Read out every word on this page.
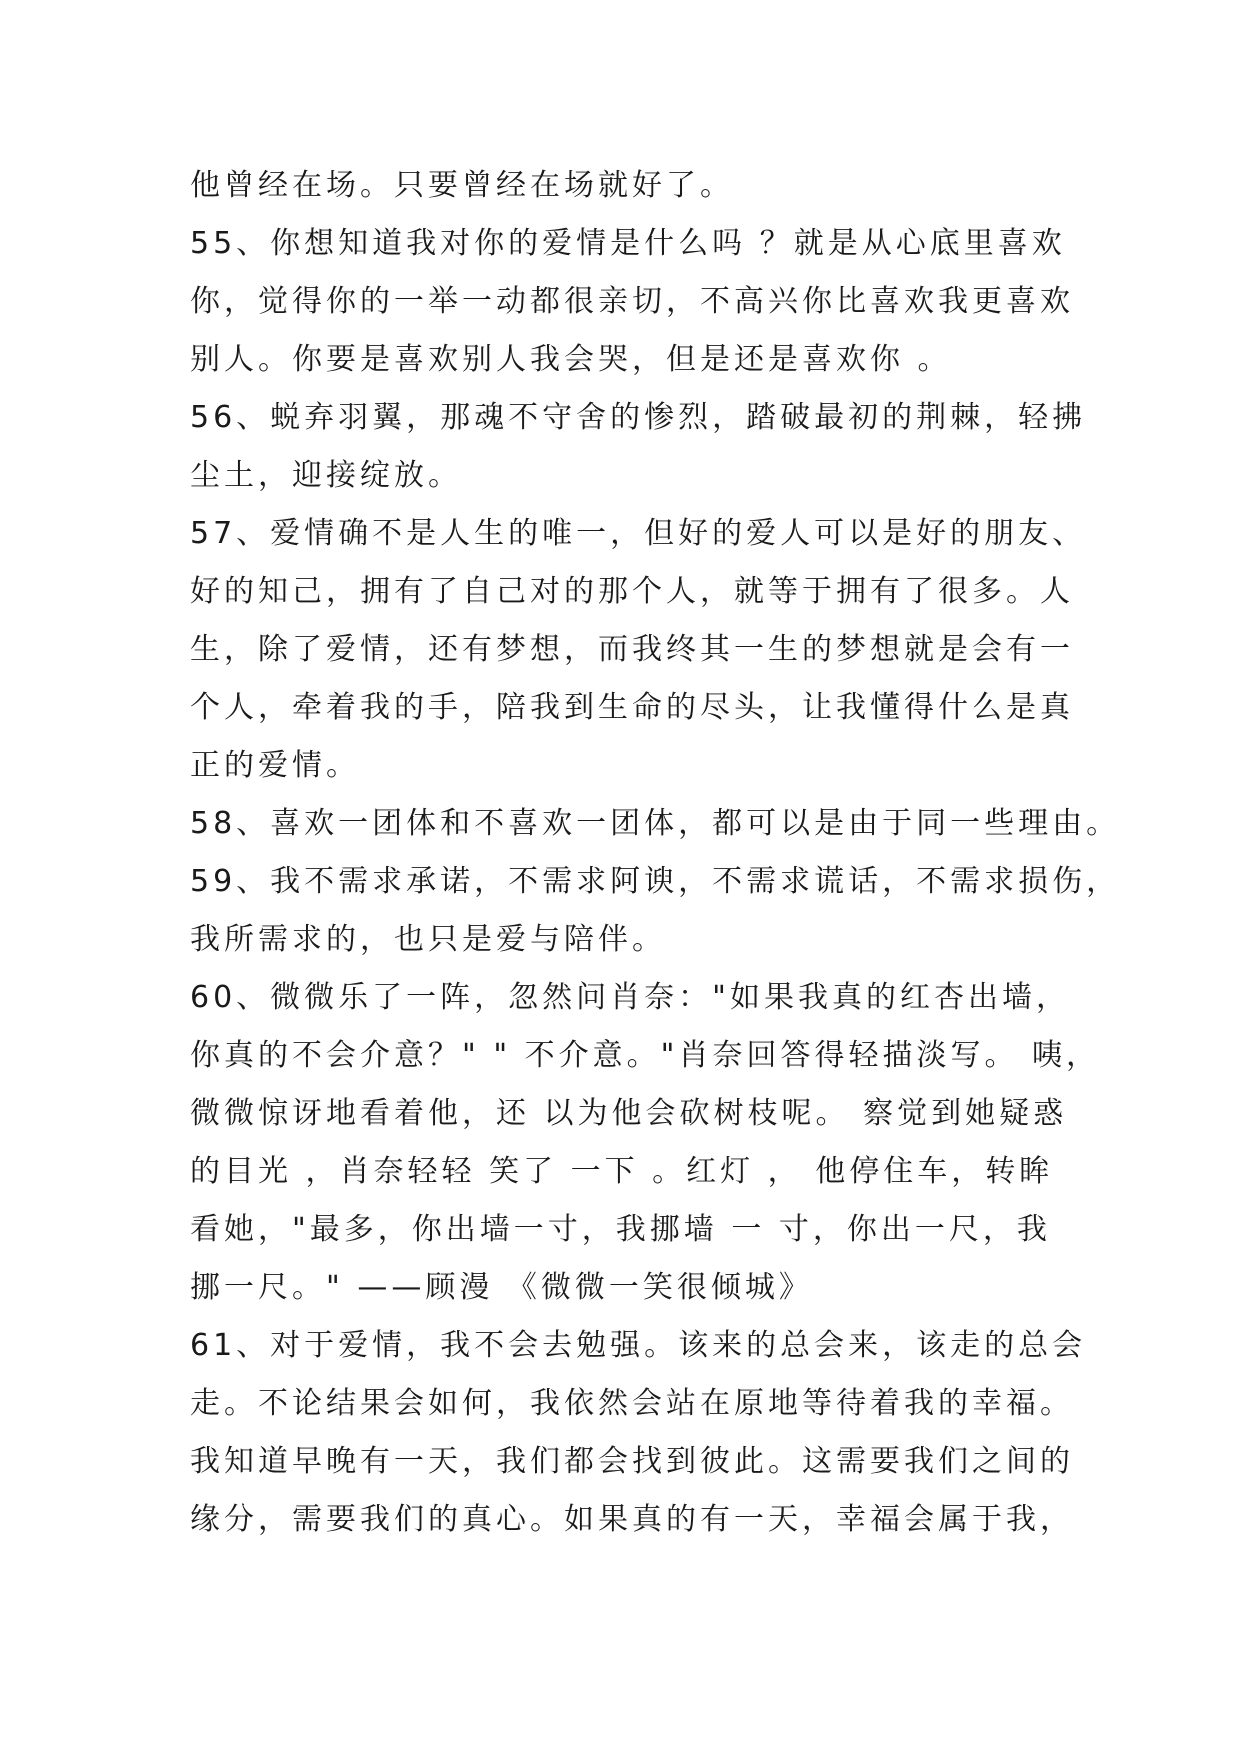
他曾经在场。只要曾经在场就好了。
55、你想知道我对你的爱情是什么吗 ？就是从心底里喜欢
你，觉得你的一举一动都很亲切，不高兴你比喜欢我更喜欢
别人。你要是喜欢别人我会哭，但是还是喜欢你 。
56、蜕弃羽翼，那魂不守舍的惨烈，踏破最初的荆棘，轻拂
尘土，迎接绽放。
57、爱情确不是人生的唯一，但好的爱人可以是好的朋友、
好的知己，拥有了自己对的那个人，就等于拥有了很多。人
生，除了爱情，还有梦想，而我终其一生的梦想就是会有一
个人，牵着我的手，陪我到生命的尽头，让我懂得什么是真
正的爱情。
58、喜欢一团体和不喜欢一团体，都可以是由于同一些理由。
59、我不需求承诺，不需求阿谀，不需求谎话，不需求损伤，
我所需求的，也只是爱与陪伴。
60、微微乐了一阵，忽然问肖奈："如果我真的红杏出墙，
你真的不会介意？" " 不介意。"肖奈回答得轻描淡写。 咦，
微微惊讶地看着他，还 以为他会砍树枝呢。 察觉到她疑惑
的目光 ，肖奈轻轻 笑了 一下 。红灯 ， 他停住车，转眸
看她，"最多，你出墙一寸，我挪墙 一 寸，你出一尺，我
挪一尺。" ——顾漫 《微微一笑很倾城》
61、对于爱情，我不会去勉强。该来的总会来，该走的总会
走。不论结果会如何，我依然会站在原地等待着我的幸福。
我知道早晚有一天，我们都会找到彼此。这需要我们之间的
缘分，需要我们的真心。如果真的有一天，幸福会属于我，
